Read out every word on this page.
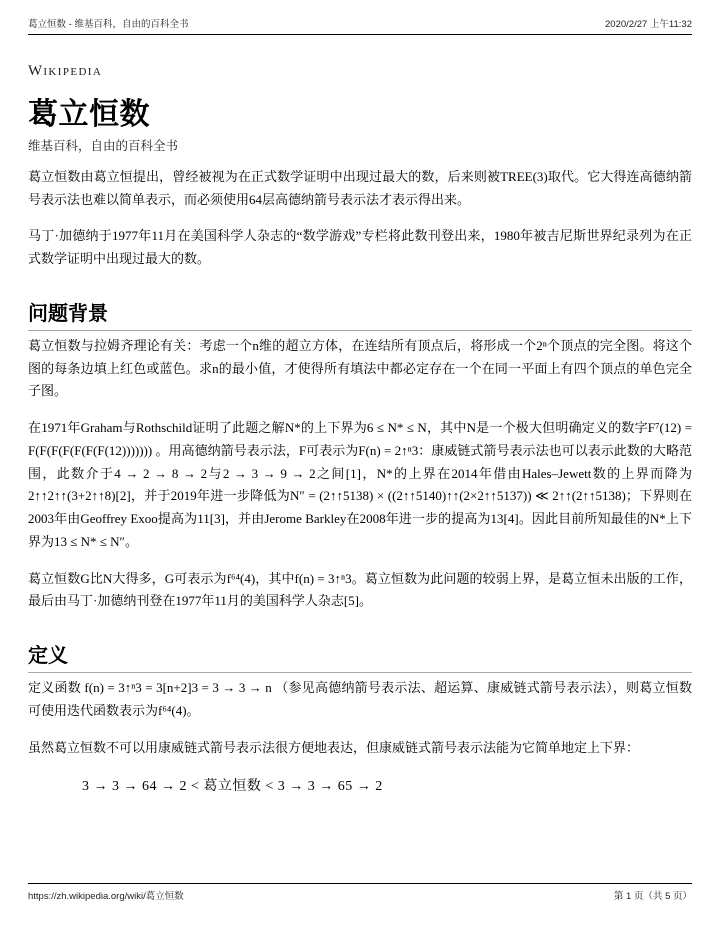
葛立恒数 - 维基百科，自由的百科全书	2020/2/27 上午11:32
wikipedia
葛立恒数
维基百科，自由的百科全书

葛立恒数由葛立恒提出，曾经被视为在正式数学证明中出现过最大的数，后来则被TREE(3)取代。它大得连高德纳箭号表示法也难以简单表示，而必须使用64层高德纳箭号表示法才表示得出来。

马丁·加德纳于1977年11月在美国科学人杂志的“数学游戏”专栏将此数刊登出来，1980年被吉尼斯世界纪录列为在正式数学证明中出现过最大的数。

问题背景

葛立恒数与拉姆齐理论有关：考虑一个n维的超立方体，在连结所有顶点后，将形成一个2ⁿ个顶点的完全图。将这个图的每条边填上红色或蓝色。求n的最小值，才使得所有填法中都必定存在一个在同一平面上有四个顶点的单色完全子图。

在1971年Graham与Rothschild证明了此题之解N*的上下界为6 ≤ N* ≤ N，其中N是一个极大但明确定义的数字F⁷(12) = F(F(F(F(F(F(F(12))))))) 。用高德纳箭号表示法，F可表示为F(n) = 2↑ⁿ3：康威链式箭号表示法也可以表示此数的大略范围，此数介于4 → 2 → 8 → 2与2 → 3 → 9 → 2之间[1]，N*的上界在2014年借由Hales–Jewett数的上界而降为2↑↑2↑↑(3+2↑↑8)[2]，并于2019年进一步降低为N″ = (2↑↑5138) × ((2↑↑5140)↑↑(2×2↑↑5137)) ≪ 2↑↑(2↑↑5138)；下界则在2003年由Geoffrey Exoo提高为11[3]，并由Jerome Barkley在2008年进一步的提高为13[4]。因此目前所知最佳的N*上下界为13 ≤ N* ≤ N″。

葛立恒数G比N大得多，G可表示为f⁶⁴(4)，其中f(n) = 3↑ⁿ3。葛立恒数为此问题的较弱上界，是葛立恒未出版的工作，最后由马丁·加德纳刊登在1977年11月的美国科学人杂志[5]。

定义

定义函数 f(n) = 3↑ⁿ3 = 3[n+2]3 = 3 → 3 → n （参见高德纳箭号表示法、超运算、康威链式箭号表示法），则葛立恒数可使用迭代函数表示为f⁶⁴(4)。

虽然葛立恒数不可以用康威链式箭号表示法很方便地表达，但康威链式箭号表示法能为它简单地定上下界：

3 → 3 → 64 → 2 < 葛立恒数 < 3 → 3 → 65 → 2
https://zh.wikipedia.org/wiki/葛立恒数	第 1 页（共 5 页）
